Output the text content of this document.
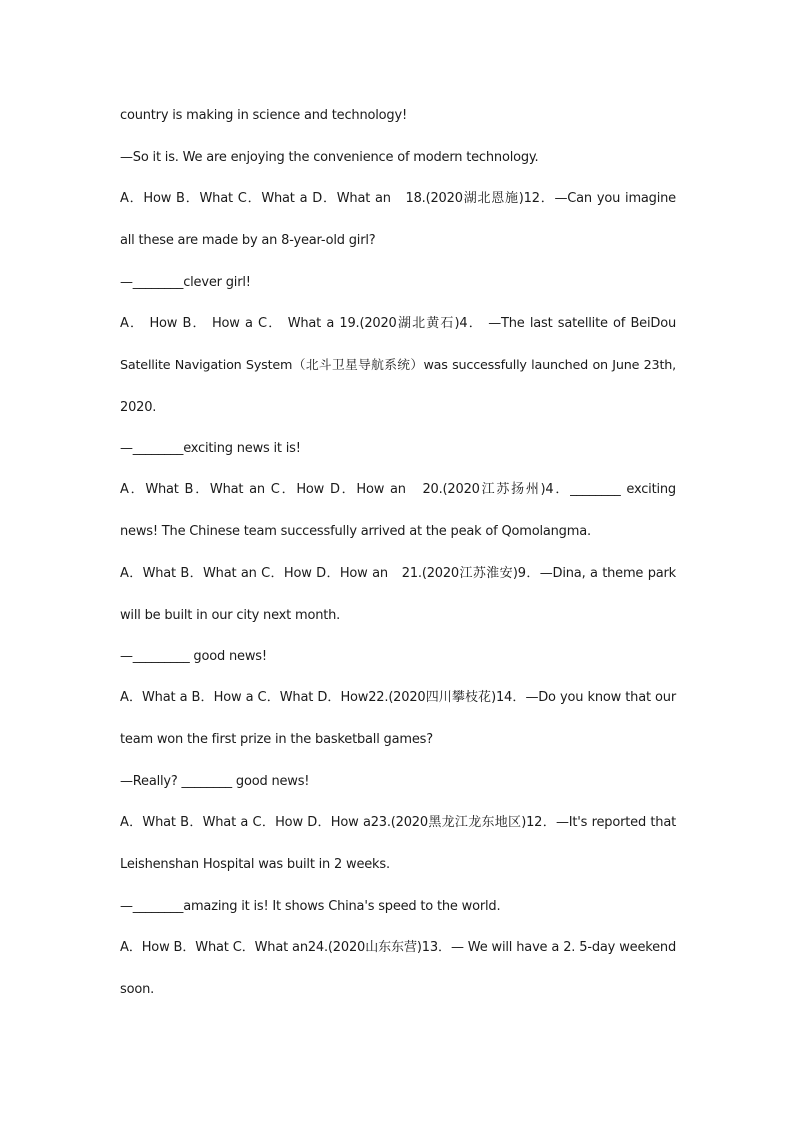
country is making in science and technology!
—So it is. We are enjoying the convenience of modern technology.
A．How B．What C．What a D．What an　18.(2020湖北恩施)12．—Can you imagine
all these are made by an 8-year-old girl?
—________clever girl!
A． How B． How a C． What a 19.(2020湖北黄石)4． —The last satellite of BeiDou
Satellite Navigation System（北斗卫星导航系统）was successfully launched on June 23th,
2020.
—________exciting news it is!
A．What B．What an C．How D．How an　20.(2020江苏扬州)4．________ exciting
news! The Chinese team successfully arrived at the peak of Qomolangma.
A．What B．What an C．How D．How an　21.(2020江苏淮安)9．—Dina, a theme park
will be built in our city next month.
—_________ good news!
A．What a B．How a C．What D．How22.(2020四川攀枝花)14．—Do you know that our
team won the first prize in the basketball games?
—Really? ________ good news!
A．What B．What a C．How D．How a23.(2020黑龙江龙东地区)12．—It's reported that
Leishenshan Hospital was built in 2 weeks.
—________amazing it is! It shows China's speed to the world.
A．How B．What C．What an24.(2020山东东营)13．— We will have a 2. 5-day weekend
soon.
